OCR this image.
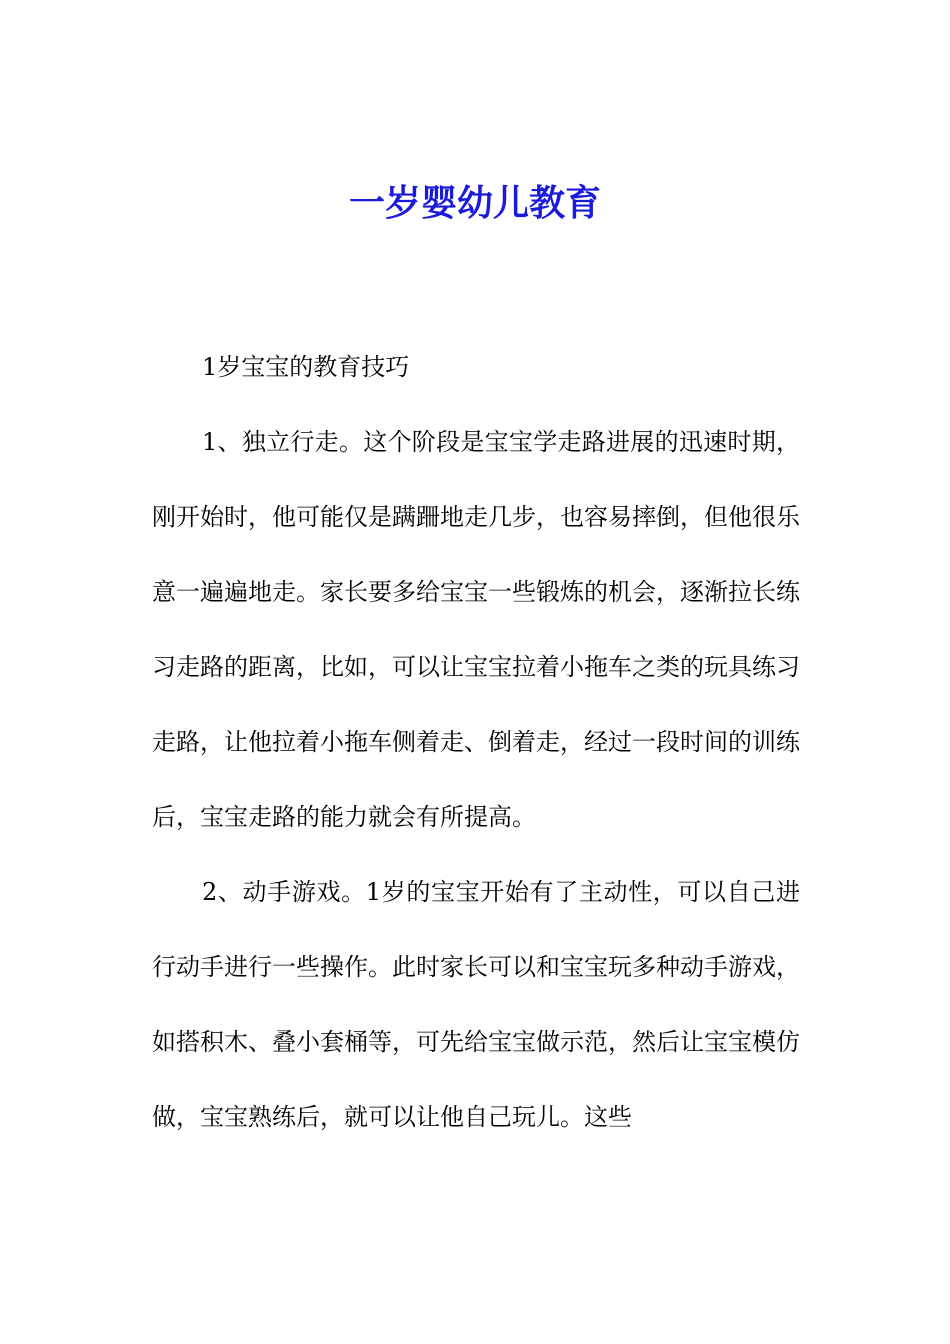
一岁婴幼儿教育

1岁宝宝的教育技巧

1、独立行走。这个阶段是宝宝学走路进展的迅速时期，刚开始时，他可能仅是蹒跚地走几步，也容易摔倒，但他很乐意一遍遍地走。家长要多给宝宝一些锻炼的机会，逐渐拉长练习走路的距离，比如，可以让宝宝拉着小拖车之类的玩具练习走路，让他拉着小拖车侧着走、倒着走，经过一段时间的训练后，宝宝走路的能力就会有所提高。

2、动手游戏。1岁的宝宝开始有了主动性，可以自己进行动手进行一些操作。此时家长可以和宝宝玩多种动手游戏，如搭积木、叠小套桶等，可先给宝宝做示范，然后让宝宝模仿做，宝宝熟练后，就可以让他自己玩儿。这些
